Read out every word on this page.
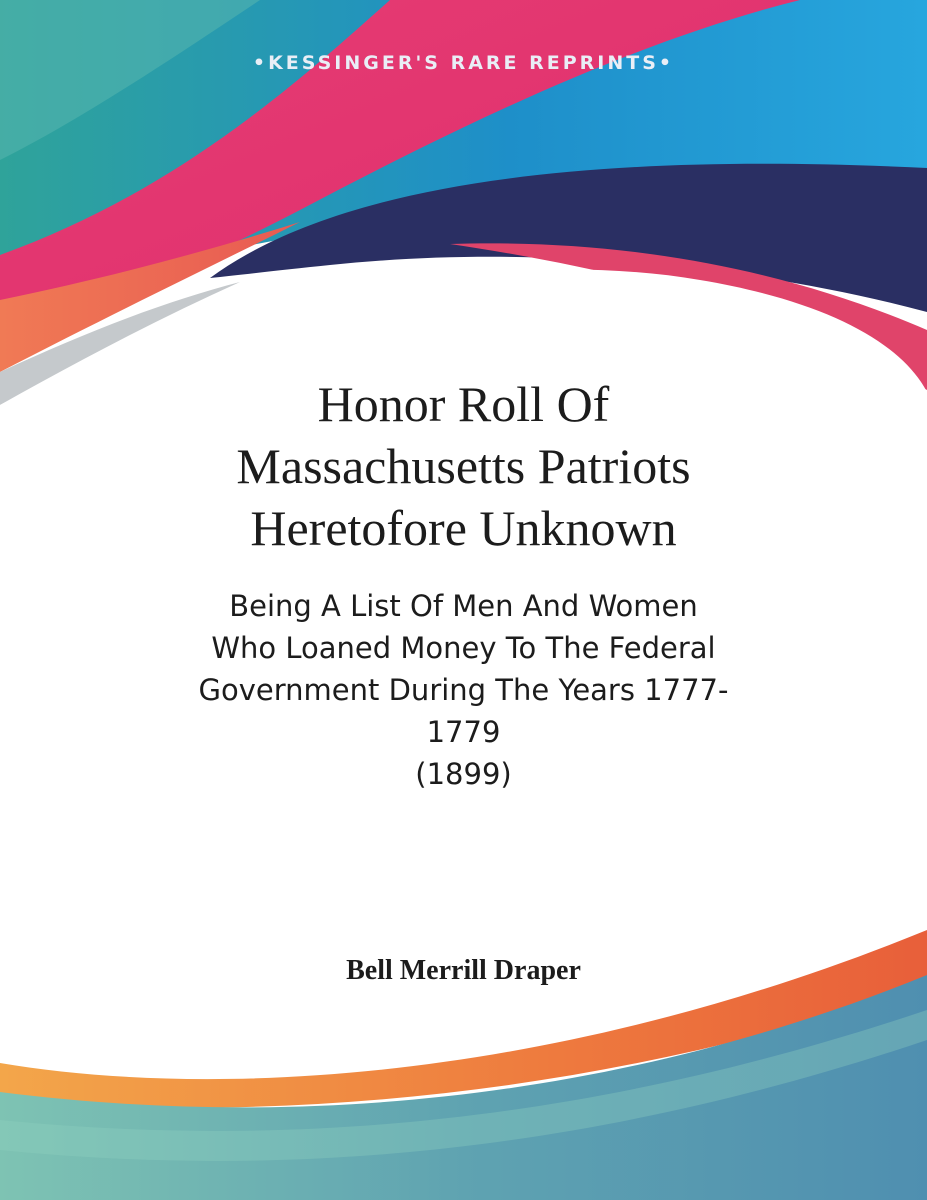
•KESSINGER'S RARE REPRINTS•
Honor Roll Of
Massachusetts Patriots
Heretofore Unknown
Being A List Of Men And Women
Who Loaned Money To The Federal
Government During The Years 1777-
1779
(1899)
Bell Merrill Draper
